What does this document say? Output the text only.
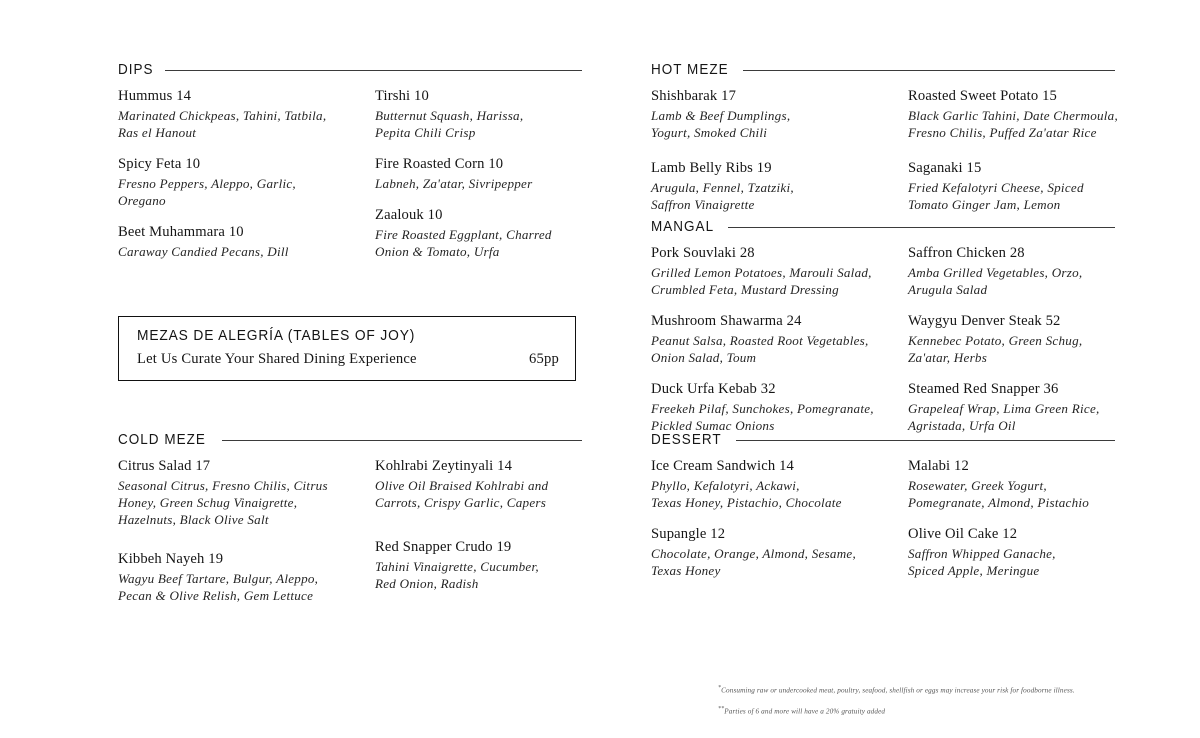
DIPS
Hummus 14
Marinated Chickpeas, Tahini, Tatbila,
Ras el Hanout
Spicy Feta 10
Fresno Peppers, Aleppo, Garlic,
Oregano
Beet Muhammara 10
Caraway Candied Pecans, Dill
Tirshi 10
Butternut Squash, Harissa,
Pepita Chili Crisp
Fire Roasted Corn 10
Labneh, Za'atar, Sivripepper
Zaalouk 10
Fire Roasted Eggplant, Charred
Onion & Tomato, Urfa
MEZAS DE ALEGRÍA (TABLES OF JOY)
Let Us Curate Your Shared Dining Experience	65pp
COLD MEZE
Citrus Salad 17
Seasonal Citrus, Fresno Chilis, Citrus
Honey, Green Schug Vinaigrette,
Hazelnuts, Black Olive Salt
Kibbeh Nayeh 19
Wagyu Beef Tartare, Bulgur, Aleppo,
Pecan & Olive Relish, Gem Lettuce
Kohlrabi Zeytinyali 14
Olive Oil Braised Kohlrabi and
Carrots, Crispy Garlic, Capers
Red Snapper Crudo 19
Tahini Vinaigrette, Cucumber,
Red Onion, Radish
HOT MEZE
Shishbarak 17
Lamb & Beef Dumplings,
Yogurt, Smoked Chili
Lamb Belly Ribs 19
Arugula, Fennel, Tzatziki,
Saffron Vinaigrette
Roasted Sweet Potato 15
Black Garlic Tahini, Date Chermoula,
Fresno Chilis, Puffed Za'atar Rice
Saganaki 15
Fried Kefalotyri Cheese, Spiced
Tomato Ginger Jam, Lemon
MANGAL
Pork Souvlaki 28
Grilled Lemon Potatoes, Marouli Salad,
Crumbled Feta, Mustard Dressing
Mushroom Shawarma 24
Peanut Salsa, Roasted Root Vegetables,
Onion Salad, Toum
Duck Urfa Kebab 32
Freekeh Pilaf, Sunchokes, Pomegranate,
Pickled Sumac Onions
Saffron Chicken 28
Amba Grilled Vegetables, Orzo,
Arugula Salad
Waygyu Denver Steak 52
Kennebec Potato, Green Schug,
Za'atar, Herbs
Steamed Red Snapper 36
Grapeleaf Wrap, Lima Green Rice,
Agristada, Urfa Oil
DESSERT
Ice Cream Sandwich 14
Phyllo, Kefalotyri, Ackawi,
Texas Honey, Pistachio, Chocolate
Supangle 12
Chocolate, Orange, Almond, Sesame,
Texas Honey
Malabi 12
Rosewater, Greek Yogurt,
Pomegranate, Almond, Pistachio
Olive Oil Cake 12
Saffron Whipped Ganache,
Spiced Apple, Meringue
*Consuming raw or undercooked meat, poultry, seafood, shellfish or eggs may increase your risk for foodborne illness.
**Parties of 6 and more will have a 20% gratuity added
